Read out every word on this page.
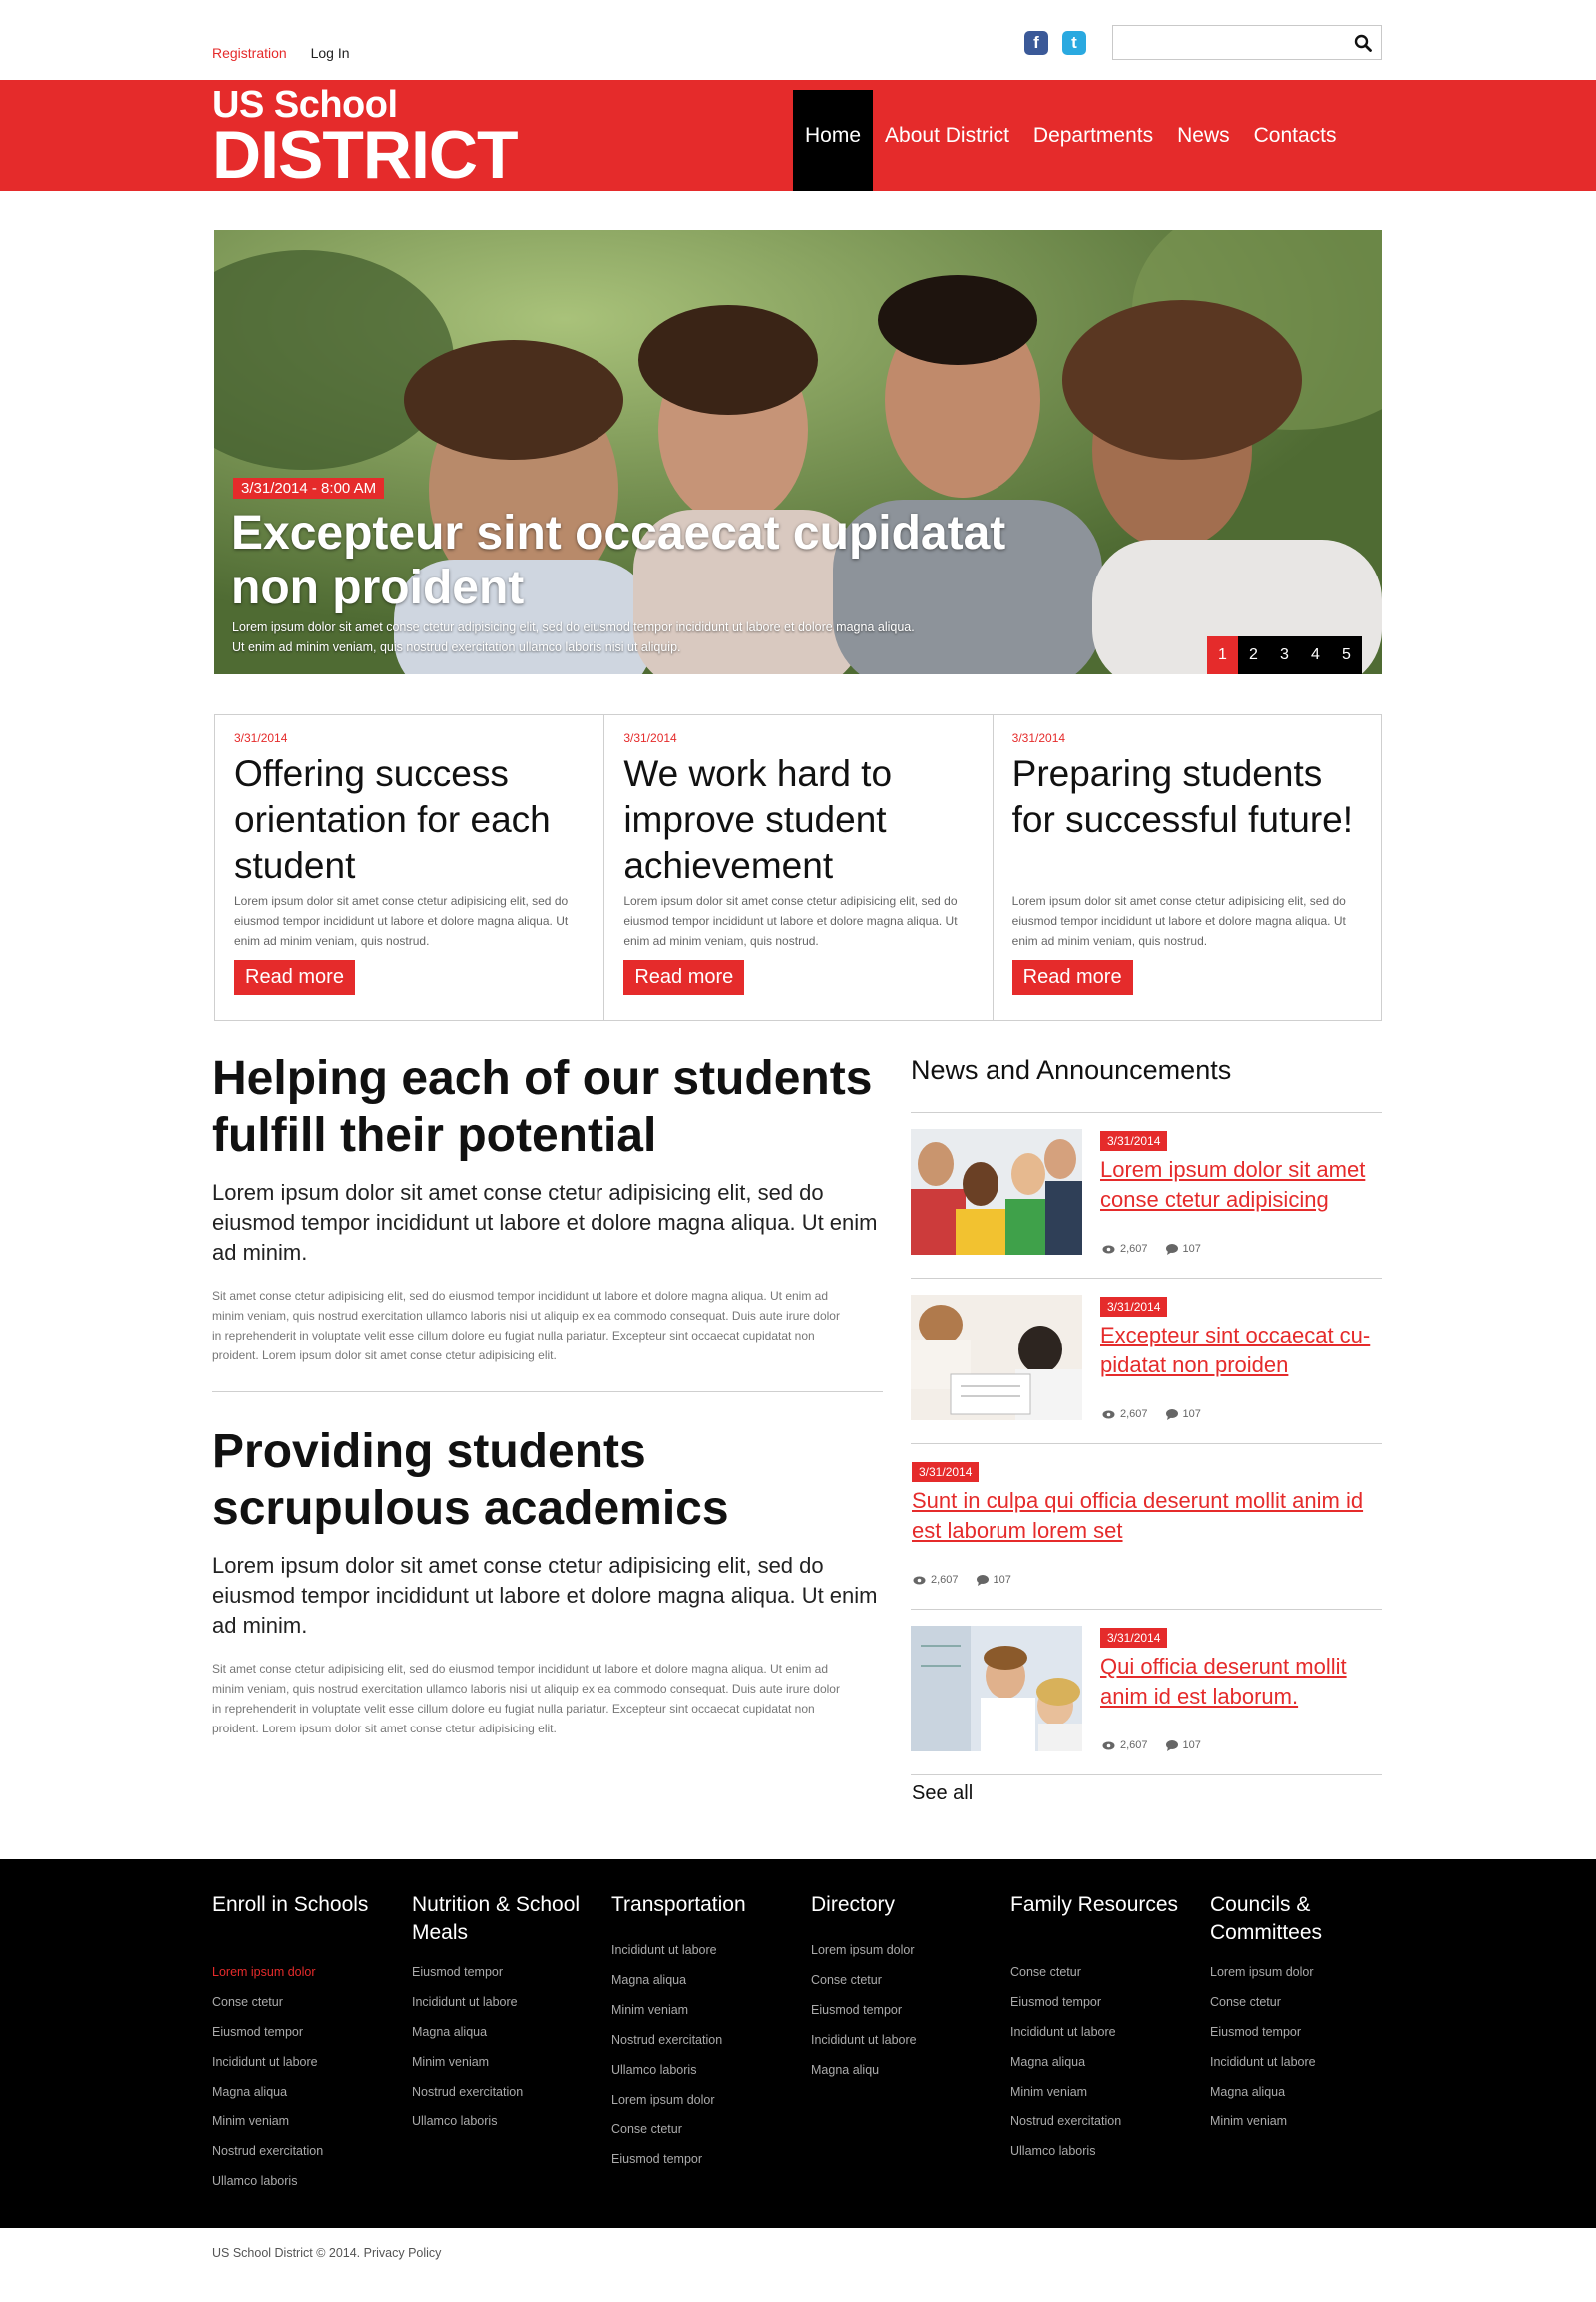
Registration Log In
f	t
US School
DISTRICT	Home	About District	Departments	News	Contacts
3/31/2014 - 8:00 AM
Excepteur sint occaecat cupidatat non proident
Lorem ipsum dolor sit amet conse ctetur adipisicing elit, sed do eiusmod tempor incididunt ut labore et dolore magna aliqua.
Ut enim ad minim veniam, quis nostrud exercitation ullamco laboris nisi ut aliquip.	1	2	3	4	5
3/31/2014
Offering success orientation for each student
Lorem ipsum dolor sit amet conse ctetur adipisicing elit, sed do eiusmod tempor incididunt ut labore et dolore magna aliqua. Ut enim ad minim veniam, quis nostrud.
Read more
3/31/2014
We work hard to improve student achievement
Lorem ipsum dolor sit amet conse ctetur adipisicing elit, sed do eiusmod tempor incididunt ut labore et dolore magna aliqua. Ut enim ad minim veniam, quis nostrud.
Read more
3/31/2014
Preparing students for successful future!
Lorem ipsum dolor sit amet conse ctetur adipisicing elit, sed do eiusmod tempor incididunt ut labore et dolore magna aliqua. Ut enim ad minim veniam, quis nostrud.
Read more
Helping each of our students fulfill their potential

Lorem ipsum dolor sit amet conse ctetur adipisicing elit, sed do eiusmod tempor incididunt ut labore et dolore magna aliqua. Ut enim ad minim.

Sit amet conse ctetur adipisicing elit, sed do eiusmod tempor incididunt ut labore et dolore magna aliqua. Ut enim ad minim veniam, quis nostrud exercitation ullamco laboris nisi ut aliquip ex ea commodo consequat. Duis aute irure dolor in reprehenderit in voluptate velit esse cillum dolore eu fugiat nulla pariatur. Excepteur sint occaecat cupidatat non proident. Lorem ipsum dolor sit amet conse ctetur adipisicing elit.

Providing students scrupulous academics

Lorem ipsum dolor sit amet conse ctetur adipisicing elit, sed do eiusmod tempor incididunt ut labore et dolore magna aliqua. Ut enim ad minim.

Sit amet conse ctetur adipisicing elit, sed do eiusmod tempor incididunt ut labore et dolore magna aliqua. Ut enim ad minim veniam, quis nostrud exercitation ullamco laboris nisi ut aliquip ex ea commodo consequat. Duis aute irure dolor in reprehenderit in voluptate velit esse cillum dolore eu fugiat nulla pariatur. Excepteur sint occaecat cupidatat non proident. Lorem ipsum dolor sit amet conse ctetur adipisicing elit.

News and Announcements
3/31/2014
Lorem ipsum dolor sit amet conse ctetur adipisicing
2,607	107
3/31/2014
Excepteur sint occaecat cu-pidatat non proiden
2,607	107
3/31/2014
Sunt in culpa qui officia deserunt mollit anim id est laborum lorem set
2,607	107
3/31/2014
Qui officia deserunt mollit anim id est laborum.
2,607	107
See all
Enroll in Schools
Lorem ipsum dolor
Conse ctetur
Eiusmod tempor
Incididunt ut labore
Magna aliqua
Minim veniam
Nostrud exercitation
Ullamco laboris
Nutrition & School Meals
Eiusmod tempor
Incididunt ut labore
Magna aliqua
Minim veniam
Nostrud exercitation
Ullamco laboris
Transportation
Incididunt ut labore
Magna aliqua
Minim veniam
Nostrud exercitation
Ullamco laboris
Lorem ipsum dolor
Conse ctetur
Eiusmod tempor
Directory
Lorem ipsum dolor
Conse ctetur
Eiusmod tempor
Incididunt ut labore
Magna aliqu
Family Resources
Conse ctetur
Eiusmod tempor
Incididunt ut labore
Magna aliqua
Minim veniam
Nostrud exercitation
Ullamco laboris
Councils & Committees
Lorem ipsum dolor
Conse ctetur
Eiusmod tempor
Incididunt ut labore
Magna aliqua
Minim veniam
US School District © 2014. Privacy Policy
